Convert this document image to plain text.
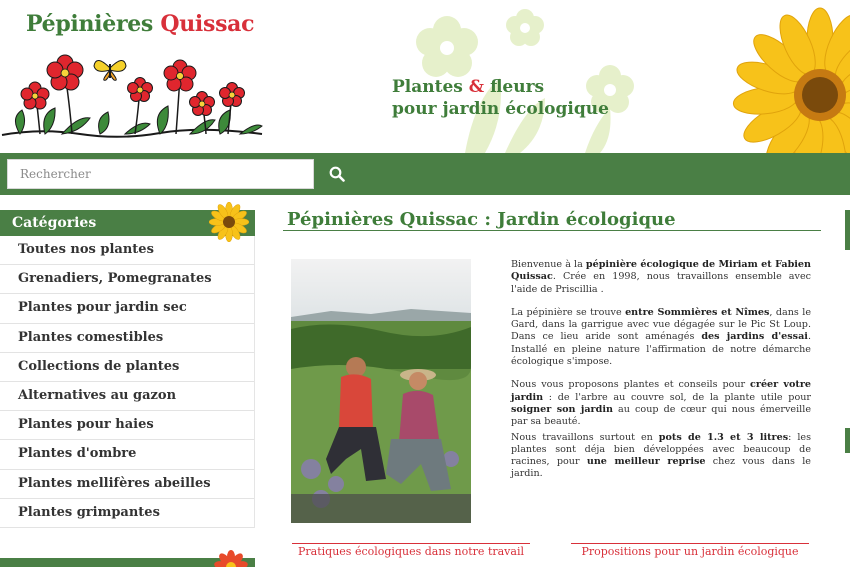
Pépinières Quissac
Plantes & fleurs
pour jardin écologique
Rechercher
Catégories
Toutes nos plantes
Grenadiers, Pomegranates
Plantes pour jardin sec
Plantes comestibles
Collections de plantes
Alternatives au gazon
Plantes pour haies
Plantes d'ombre
Plantes mellifères abeilles
Plantes grimpantes
Pépinières Quissac : Jardin écologique

Bienvenue à la pépinière écologique de Miriam et Fabien Quissac. Crée en 1998, nous travaillons ensemble avec l'aide de Priscillia .

La pépinière se trouve entre Sommières et Nîmes, dans le Gard, dans la garrigue avec vue dégagée sur le Pic St Loup. Dans ce lieu aride sont aménagés des jardins d'essai. Installé en pleine nature l'affirmation de notre démarche écologique s'impose.

Nous vous proposons plantes et conseils pour créer votre jardin : de l'arbre au couvre sol, de la plante utile pour soigner son jardin au coup de cœur qui nous émerveille par sa beauté.

Nous travaillons surtout en pots de 1.3 et 3 litres: les plantes sont déja bien développées avec beaucoup de racines, pour une meilleur reprise chez vous dans le jardin.

Pratiques écologiques dans notre travail	Propositions pour un jardin écologique
